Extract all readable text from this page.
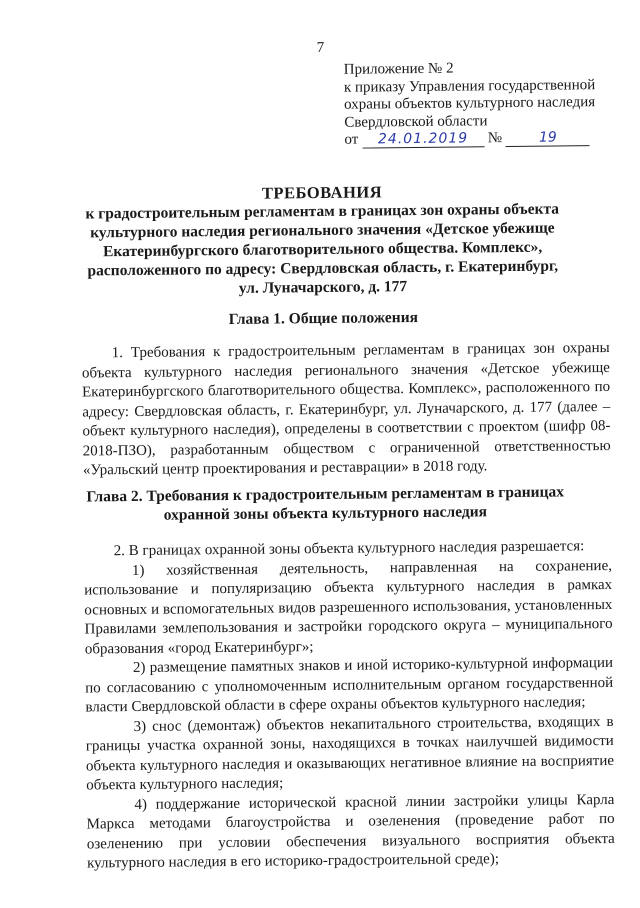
7
Приложение № 2
к приказу Управления государственной
охраны объектов культурного наследия
Свердловской области
от 24.01.2019 №	19
ТРЕБОВАНИЯ
к градостроительным регламентам в границах зон охраны объекта
культурного наследия регионального значения «Детское убежище
Екатеринбургского благотворительного общества. Комплекс»,
расположенного по адресу: Свердловская область, г. Екатеринбург,
ул. Луначарского, д. 177
Глава 1. Общие положения

1. Требования к градостроительным регламентам в границах зон охраны объекта культурного наследия регионального значения «Детское убежище Екатеринбургского благотворительного общества. Комплекс», расположенного по адресу: Свердловская область, г. Екатеринбург, ул. Луначарского, д. 177 (далее – объект культурного наследия), определены в соответствии с проектом (шифр 08-2018-ПЗО), разработанным обществом с ограниченной ответственностью «Уральский центр проектирования и реставрации» в 2018 году.

Глава 2. Требования к градостроительным регламентам в границах
охранной зоны объекта культурного наследия

2. В границах охранной зоны объекта культурного наследия разрешается:

1) хозяйственная деятельность, направленная на сохранение, использование и популяризацию объекта культурного наследия в рамках основных и вспомогательных видов разрешенного использования, установленных Правилами землепользования и застройки городского округа – муниципального образования «город Екатеринбург»;

2) размещение памятных знаков и иной историко-культурной информации по согласованию с уполномоченным исполнительным органом государственной власти Свердловской области в сфере охраны объектов культурного наследия;

3) снос (демонтаж) объектов некапитального строительства, входящих в границы участка охранной зоны, находящихся в точках наилучшей видимости объекта культурного наследия и оказывающих негативное влияние на восприятие объекта культурного наследия;

4) поддержание исторической красной линии застройки улицы Карла Маркса методами благоустройства и озеленения (проведение работ по озеленению при условии обеспечения визуального восприятия объекта культурного наследия в его историко-градостроительной среде);
